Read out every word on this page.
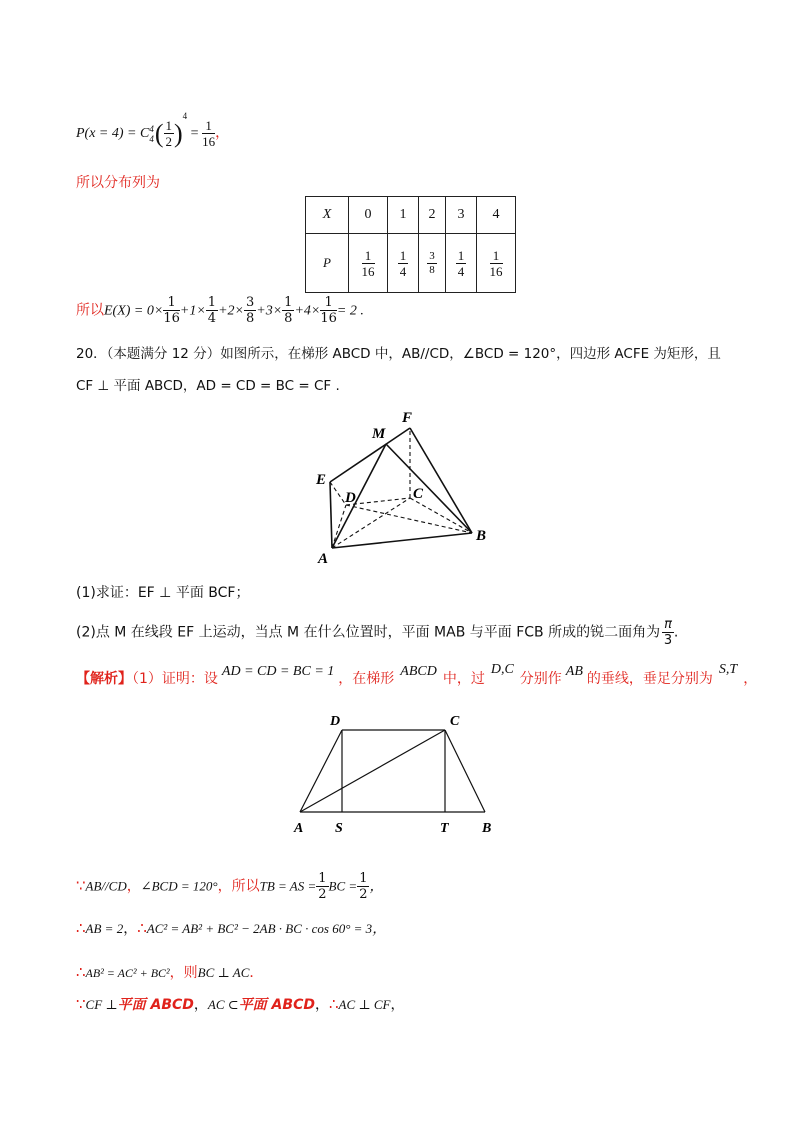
P(x = 4) = C 4
4 ( $\frac{1}{2} )^4 = \frac{1}{16}$ ，
所以分布列为
X	0	1	2	3	4
P	$\frac{1}{16}$	$\frac{1}{4}$	$\frac{3}{8}$	$\frac{1}{4}$	$\frac{1}{16}$
所以$E(X) = 0\times \frac{1}{16} +1\times \frac{1}{4} +2\times \frac{3}{8} +3\times \frac{1}{8} +4\times \frac{1}{16} = 2$ .
20．（本题满分 12 分）如图所示，在梯形 ABCD 中，AB//CD，∠BCD = 120°，四边形 ACFE 为矩形，且
CF ⊥ 平面 ABCD，AD = CD = BC = CF .
F
M
E
D	C
B
A
(1)求证：EF ⊥ 平面 BCF；
(2)点 M 在线段 EF 上运动，当点 M 在什么位置时，平面 MAB 与平面 FCB 所成的锐二面角为 $\frac{\pi}{3}$ .
【解析】（1）证明：设 AD = CD = BC = 1 ，在梯形 ABCD 中，过D,C分别作 AB 的垂线，垂足分别为S,T，
D	C
A S	T B
∵AB//CD，∠BCD = 120°，所以TB = AS = $\frac{1}{2}$ BC = $\frac{1}{2}$ ，
∴AB = 2，∴AC² = AB² + BC² − 2AB · BC · cos 60° = 3，
∴AB² = AC² + BC²，则BC ⊥ AC．
∵CF ⊥平面 ABCD，AC ⊂平面 ABCD，∴AC ⊥ CF，
